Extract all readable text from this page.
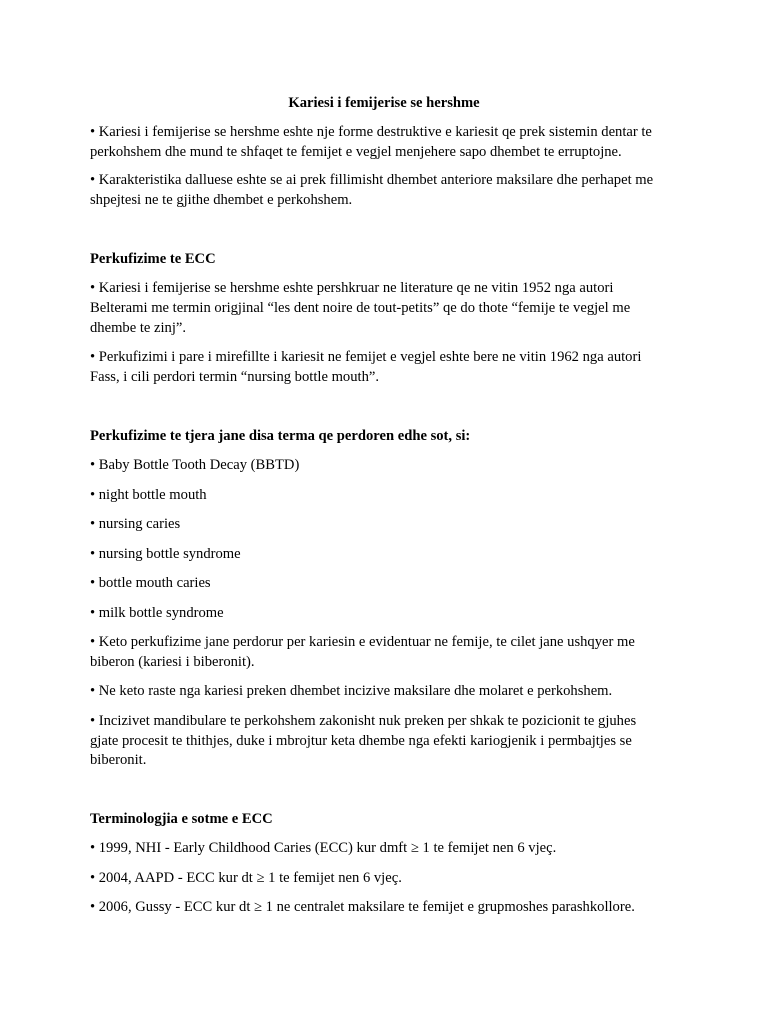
Kariesi i femijerise se hershme
• Kariesi i femijerise se hershme eshte nje forme destruktive e kariesit qe prek sistemin dentar te
perkohshem dhe mund te shfaqet te femijet e vegjel menjehere sapo dhembet te erruptojne.
• Karakteristika dalluese eshte se ai prek fillimisht dhembet anteriore maksilare dhe perhapet me
shpejtesi ne te gjithe dhembet e perkohshem.
Perkufizime te ECC
• Kariesi i femijerise se hershme eshte pershkruar ne literature qe ne vitin 1952 nga autori
Belterami me termin origjinal “les dent noire de tout-petits” qe do thote “femije te vegjel me
dhembe te zinj”.
• Perkufizimi i pare i mirefillte i kariesit ne femijet e vegjel eshte bere ne vitin 1962 nga autori
Fass, i cili perdori termin “nursing bottle mouth”.
Perkufizime te tjera jane disa terma qe perdoren edhe sot, si:
• Baby Bottle Tooth Decay (BBTD)
• night bottle mouth
• nursing caries
• nursing bottle syndrome
• bottle mouth caries
• milk bottle syndrome
• Keto perkufizime jane perdorur per kariesin e evidentuar ne femije, te cilet jane ushqyer me
biberon (kariesi i biberonit).
• Ne keto raste nga kariesi preken dhembet incizive maksilare dhe molaret e perkohshem.
• Incizivet mandibulare te perkohshem zakonisht nuk preken per shkak te pozicionit te gjuhes
gjate procesit te thithjes, duke i mbrojtur keta dhembe nga efekti kariogjenik i permbajtjes se
biberonit.
Terminologjia e sotme e ECC
• 1999, NHI - Early Childhood Caries (ECC) kur dmft ≥ 1 te femijet nen 6 vjeç.
• 2004, AAPD - ECC kur dt ≥ 1 te femijet nen 6 vjeç.
• 2006, Gussy - ECC kur dt ≥ 1 ne centralet maksilare te femijet e grupmoshes parashkollore.
